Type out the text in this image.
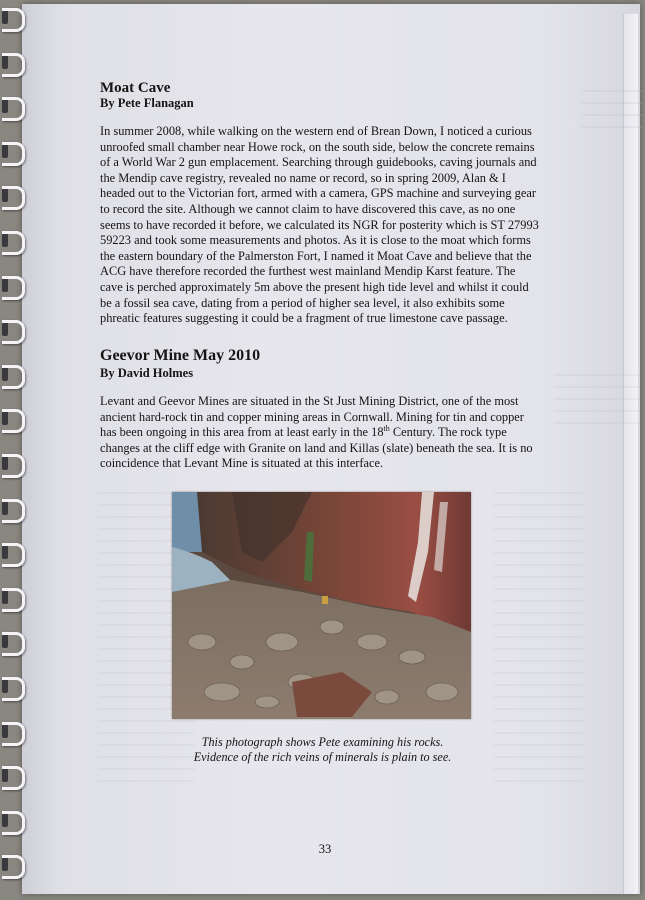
Moat Cave

By Pete Flanagan

In summer 2008, while walking on the western end of Brean Down, I noticed a curious unroofed small chamber near Howe rock, on the south side, below the concrete remains of a World War 2 gun emplacement. Searching through guidebooks, caving journals and the Mendip cave registry, revealed no name or record, so in spring 2009, Alan & I headed out to the Victorian fort, armed with a camera, GPS machine and surveying gear to record the site. Although we cannot claim to have discovered this cave, as no one seems to have recorded it before, we calculated its NGR for posterity which is ST 27993 59223 and took some measurements and photos. As it is close to the moat which forms the eastern boundary of the Palmerston Fort, I named it Moat Cave and believe that the ACG have therefore recorded the furthest west mainland Mendip Karst feature. The cave is perched approximately 5m above the present high tide level and whilst it could be a fossil sea cave, dating from a period of higher sea level, it also exhibits some phreatic features suggesting it could be a fragment of true limestone cave passage.

Geevor Mine May 2010

By David Holmes

Levant and Geevor Mines are situated in the St Just Mining District, one of the most ancient hard-rock tin and copper mining areas in Cornwall. Mining for tin and copper has been ongoing in this area from at least early in the 18th Century. The rock type changes at the cliff edge with Granite on land and Killas (slate) beneath the sea. It is no coincidence that Levant Mine is situated at this interface.

This photograph shows Pete examining his rocks.
Evidence of the rich veins of minerals is plain to see.
33
